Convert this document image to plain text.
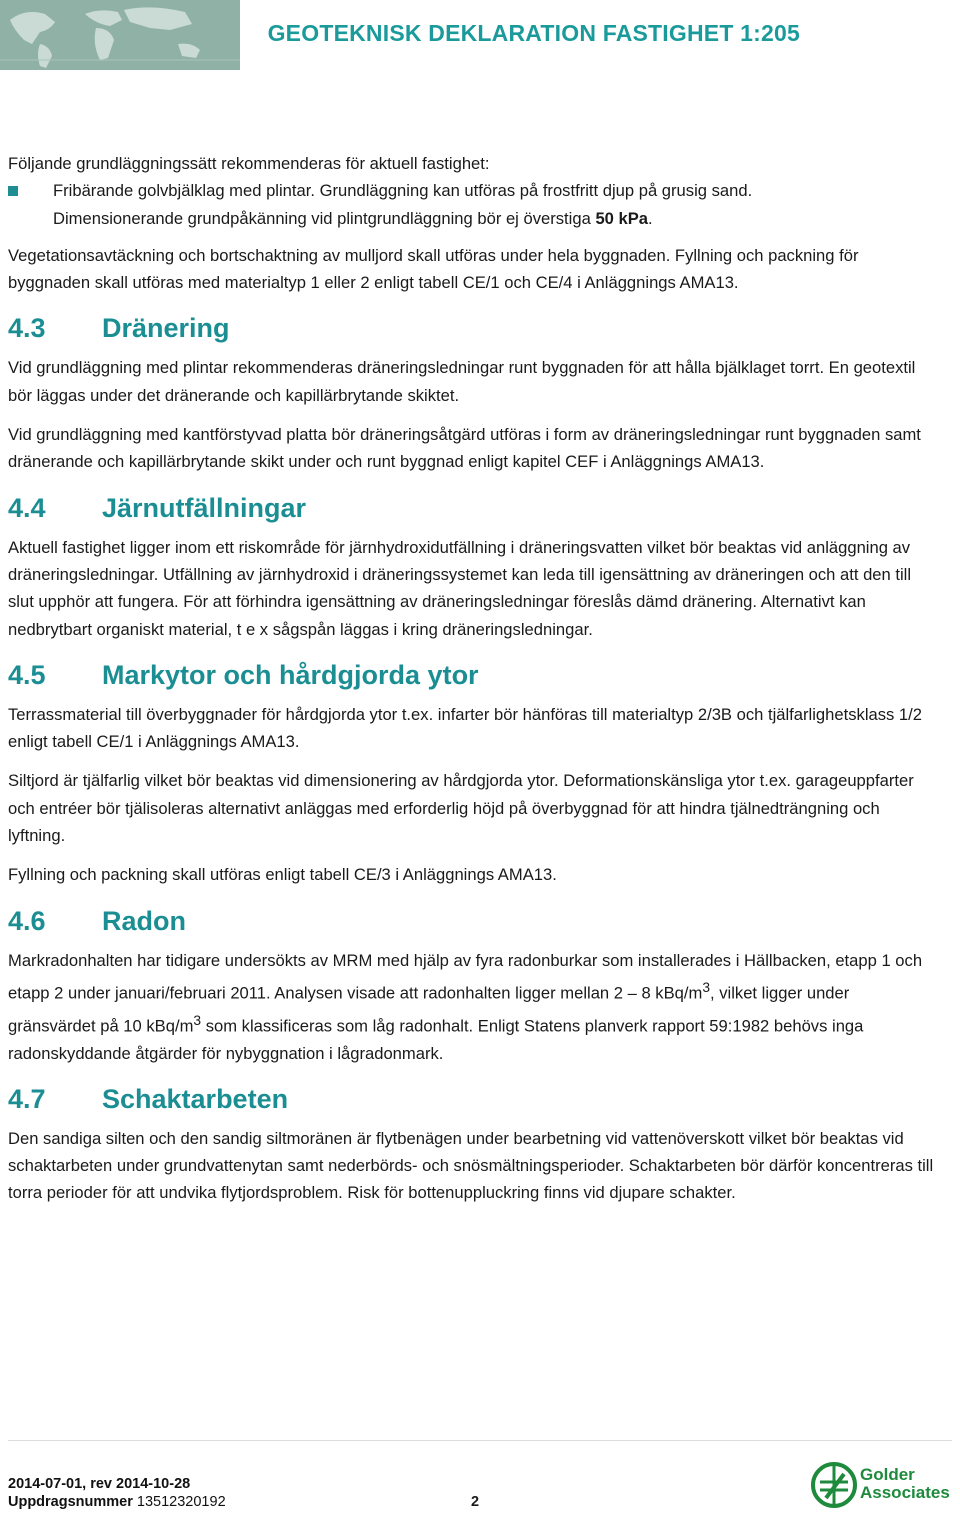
GEOTEKNISK DEKLARATION FASTIGHET 1:205

Följande grundläggningssätt rekommenderas för aktuell fastighet:

Fribärande golvbjälklag med plintar. Grundläggning kan utföras på frostfritt djup på grusig sand.

Dimensionerande grundpåkänning vid plintgrundläggning bör ej överstiga 50 kPa.

Vegetationsavtäckning och bortschaktning av mulljord skall utföras under hela byggnaden. Fyllning och packning för byggnaden skall utföras med materialtyp 1 eller 2 enligt tabell CE/1 och CE/4 i Anläggnings AMA13.

4.3 Dränering

Vid grundläggning med plintar rekommenderas dräneringsledningar runt byggnaden för att hålla bjälklaget torrt. En geotextil bör läggas under det dränerande och kapillärbrytande skiktet.

Vid grundläggning med kantförstyvad platta bör dräneringsåtgärd utföras i form av dräneringsledningar runt byggnaden samt dränerande och kapillärbrytande skikt under och runt byggnad enligt kapitel CEF i Anläggnings AMA13.

4.4 Järnutfällningar

Aktuell fastighet ligger inom ett riskområde för järnhydroxidutfällning i dräneringsvatten vilket bör beaktas vid anläggning av dräneringsledningar. Utfällning av järnhydroxid i dräneringssystemet kan leda till igensättning av dräneringen och att den till slut upphör att fungera. För att förhindra igensättning av dräneringsledningar föreslås dämd dränering. Alternativt kan nedbrytbart organiskt material, t e x sågspån läggas i kring dräneringsledningar.

4.5 Markytor och hårdgjorda ytor

Terrassmaterial till överbyggnader för hårdgjorda ytor t.ex. infarter bör hänföras till materialtyp 2/3B och tjälfarlighetsklass 1/2 enligt tabell CE/1 i Anläggnings AMA13.

Siltjord är tjälfarlig vilket bör beaktas vid dimensionering av hårdgjorda ytor. Deformationskänsliga ytor t.ex. garageuppfarter och entréer bör tjälisoleras alternativt anläggas med erforderlig höjd på överbyggnad för att hindra tjälnedträngning och lyftning.

Fyllning och packning skall utföras enligt tabell CE/3 i Anläggnings AMA13.

4.6 Radon

Markradonhalten har tidigare undersökts av MRM med hjälp av fyra radonburkar som installerades i Hällbacken, etapp 1 och etapp 2 under januari/februari 2011. Analysen visade att radonhalten ligger mellan 2 – 8 kBq/$m^3$, vilket ligger under gränsvärdet på 10 kBq/$m^3$ som klassificeras som låg radonhalt. Enligt Statens planverk rapport 59:1982 behövs inga radonskyddande åtgärder för nybyggnation i lågradonmark.

4.7 Schaktarbeten

Den sandiga silten och den sandig siltmoränen är flytbenägen under bearbetning vid vattenöverskott vilket bör beaktas vid schaktarbeten under grundvattenytan samt nederbörds- och snösmältningsperioder. Schaktarbeten bör därför koncentreras till torra perioder för att undvika flytjordsproblem. Risk för bottenuppluckring finns vid djupare schakter.

2014-07-01, rev 2014-10-28
Uppdragsnummer 13512320192	2
Golder
Associates
